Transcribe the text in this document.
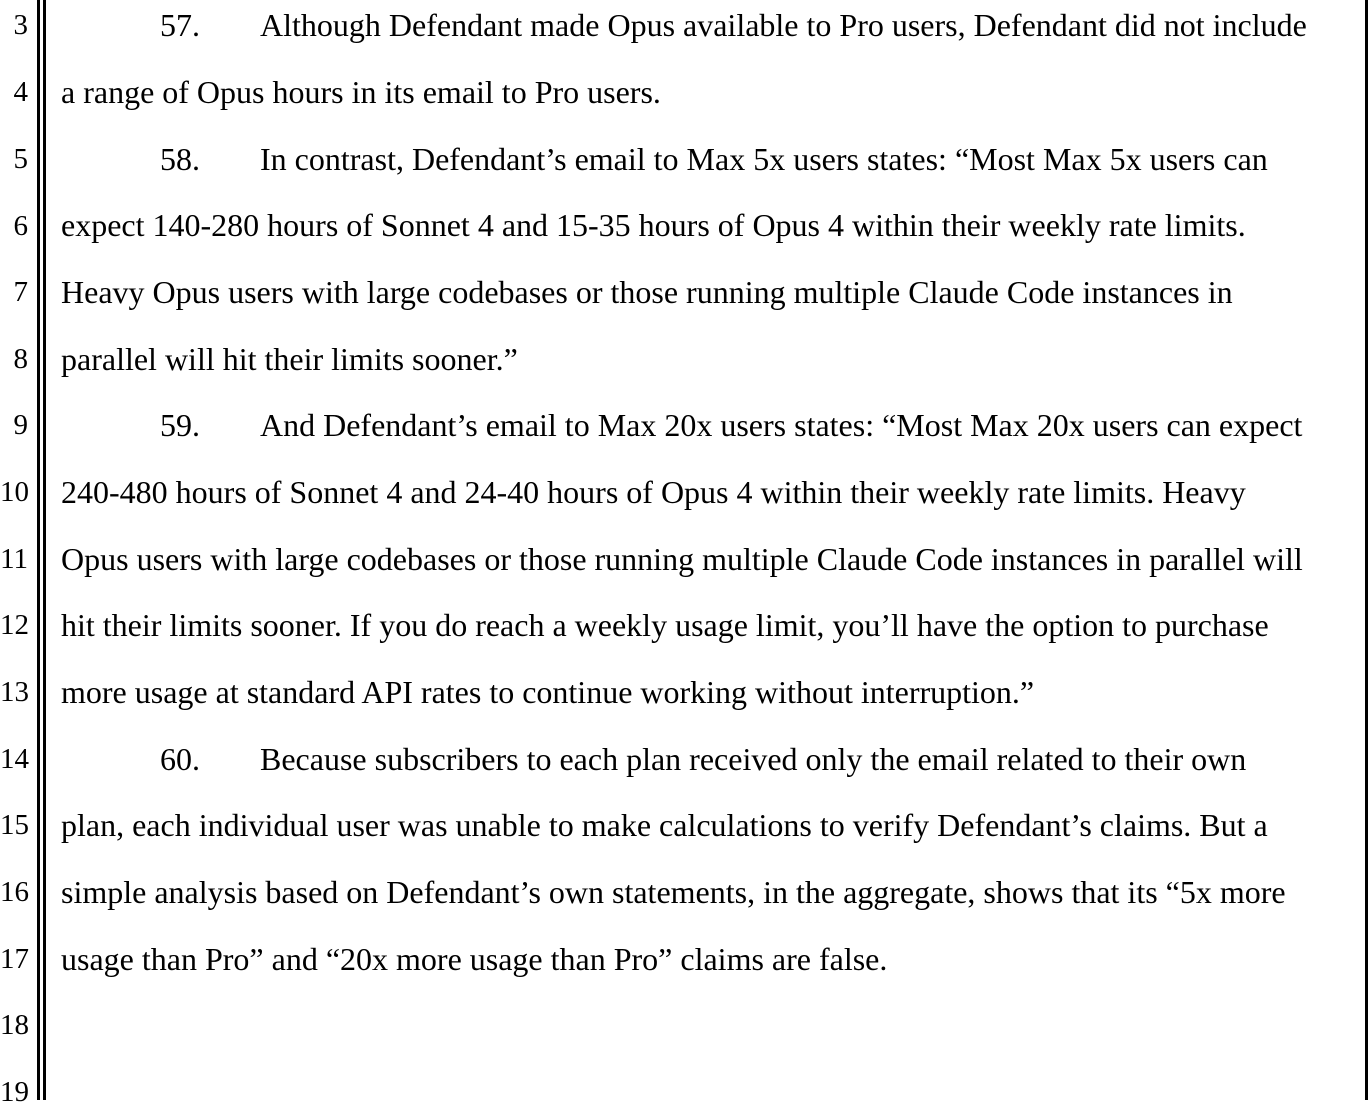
3
4
5
6
7
8
9
10
11
12
13
14
15
16
17
18
19
57. Although Defendant made Opus available to Pro users, Defendant did not include
a range of Opus hours in its email to Pro users.
58. In contrast, Defendant’s email to Max 5x users states: “Most Max 5x users can
expect 140-280 hours of Sonnet 4 and 15-35 hours of Opus 4 within their weekly rate limits.
Heavy Opus users with large codebases or those running multiple Claude Code instances in
parallel will hit their limits sooner.”
59. And Defendant’s email to Max 20x users states: “Most Max 20x users can expect
240-480 hours of Sonnet 4 and 24-40 hours of Opus 4 within their weekly rate limits. Heavy
Opus users with large codebases or those running multiple Claude Code instances in parallel will
hit their limits sooner. If you do reach a weekly usage limit, you’ll have the option to purchase
more usage at standard API rates to continue working without interruption.”
60. Because subscribers to each plan received only the email related to their own
plan, each individual user was unable to make calculations to verify Defendant’s claims. But a
simple analysis based on Defendant’s own statements, in the aggregate, shows that its “5x more
usage than Pro” and “20x more usage than Pro” claims are false.
